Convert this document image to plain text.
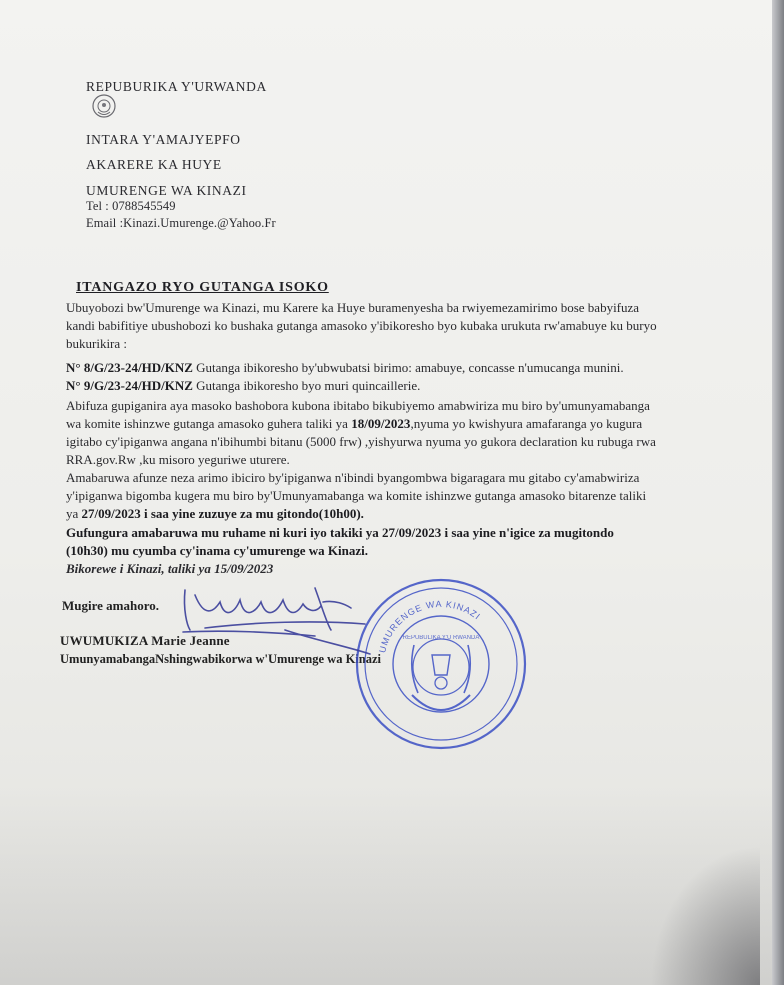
REPUBURIKA Y'URWANDA
INTARA Y'AMAJYEPFO
AKARERE KA HUYE
UMURENGE WA KINAZI
Tel : 0788545549
Email :Kinazi.Umurenge.@Yahoo.Fr
ITANGAZO RYO GUTANGA ISOKO
Ubuyobozi bw'Umurenge wa Kinazi, mu Karere ka Huye buramenyesha ba rwiyemezamirimo bose babyifuza
kandi babifitiye ubushobozi ko bushaka gutanga amasoko y'ibikoresho byo kubaka urukuta rw'amabuye ku buryo
bukurikira :
N° 8/G/23-24/HD/KNZ Gutanga ibikoresho by'ubwubatsi birimo: amabuye, concasse n'umucanga munini.
N° 9/G/23-24/HD/KNZ Gutanga ibikoresho byo muri quincaillerie.
Abifuza gupiganira aya masoko bashobora kubona ibitabo bikubiyemo amabwiriza mu biro by'umunyamabanga
wa komite ishinzwe gutanga amasoko guhera taliki ya 18/09/2023,nyuma yo kwishyura amafaranga yo kugura
igitabo cy'ipiganwa angana n'ibihumbi bitanu (5000 frw) ,yishyurwa nyuma yo gukora declaration ku rubuga rwa
RRA.gov.Rw ,ku misoro yeguriwe uturere.
Amabaruwa afunze neza arimo ibiciro by'ipiganwa n'ibindi byangombwa bigaragara mu gitabo cy'amabwiriza
y'ipiganwa bigomba kugera mu biro by'Umunyamabanga wa komite ishinzwe gutanga amasoko bitarenze taliki
ya 27/09/2023 i saa yine zuzuye za mu gitondo(10h00).
Gufungura amabaruwa mu ruhame ni kuri iyo takiki ya 27/09/2023 i saa yine n'igice za mugitondo
(10h30) mu cyumba cy'inama cy'umurenge wa Kinazi.
Bikorewe i Kinazi, taliki ya 15/09/2023
Mugire amahoro.
UWUMUKIZA Marie Jeanne
UmunyamabangaNshingwabikorwa w'Umurenge wa Kinazi
UMURENGE WA KINAZI
REPUBULIKA Y'U RWANDA
